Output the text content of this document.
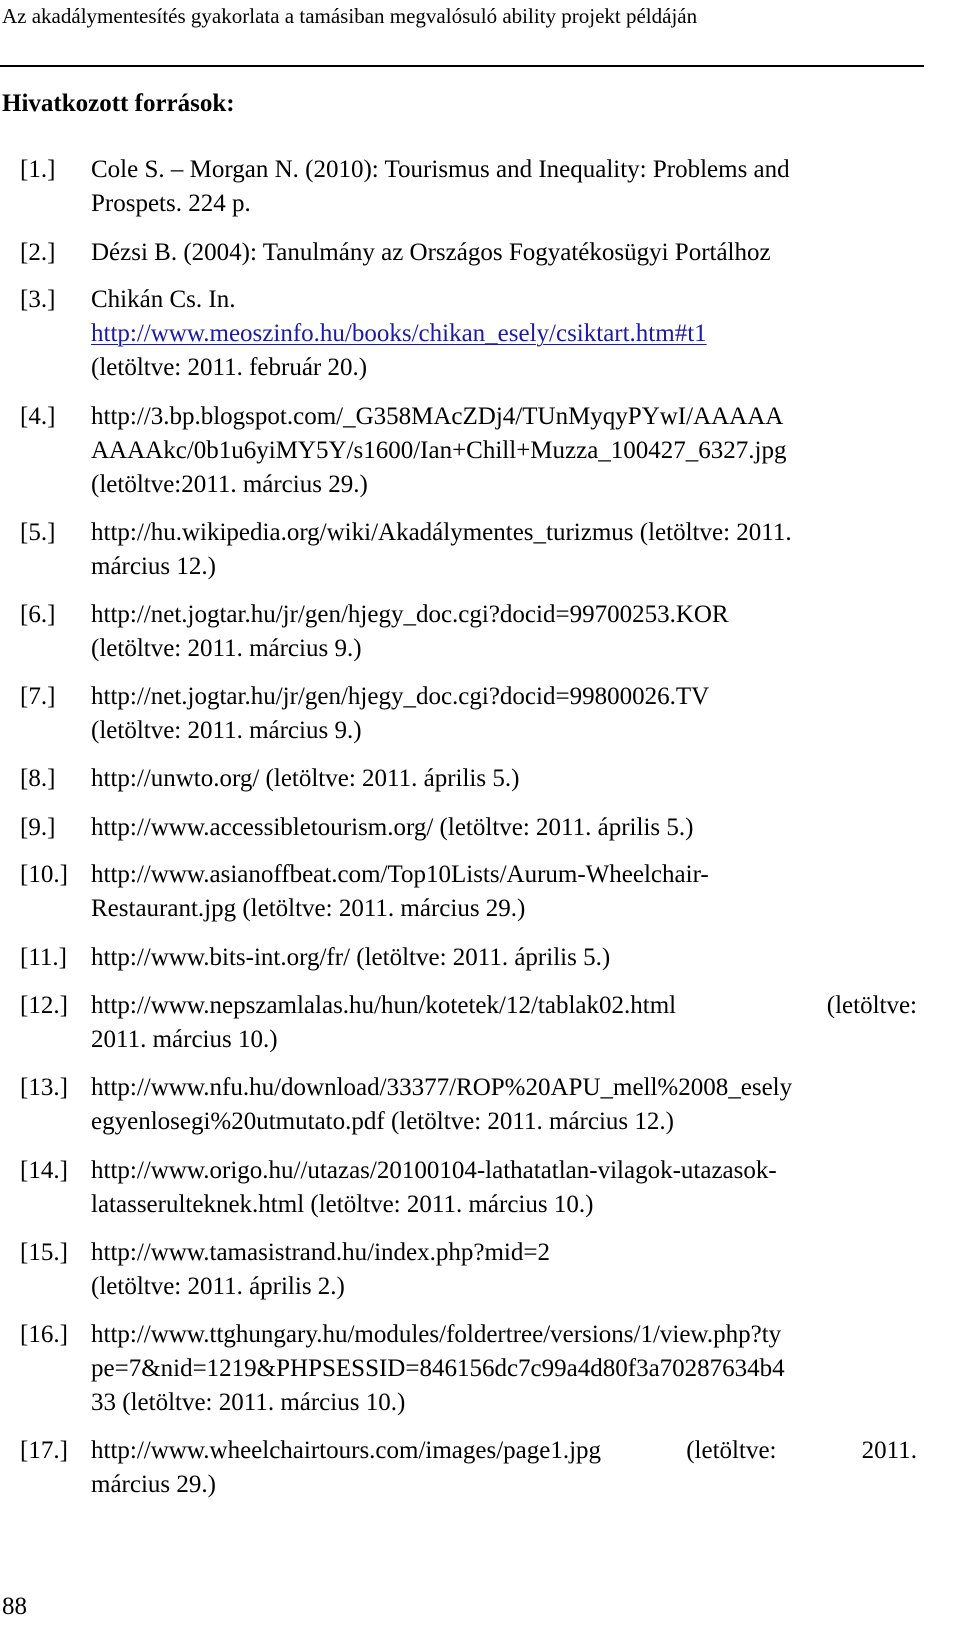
Az akadálymentesítés gyakorlata a tamásiban megvalósuló ability projekt példáján
Hivatkozott források:
[1.] Cole S. – Morgan N. (2010): Tourismus and Inequality: Problems and
Prospets. 224 p.
[2.] Dézsi B. (2004): Tanulmány az Országos Fogyatékosügyi Portálhoz
[3.] Chikán Cs. In.
http://www.meoszinfo.hu/books/chikan_esely/csiktart.htm#t1
(letöltve: 2011. február 20.)
[4.] http://3.bp.blogspot.com/_G358MAcZDj4/TUnMyqyPYwI/AAAAA
AAAAkc/0b1u6yiMY5Y/s1600/Ian+Chill+Muzza_100427_6327.jpg
(letöltve:2011. március 29.)
[5.] http://hu.wikipedia.org/wiki/Akadálymentes_turizmus (letöltve: 2011.
március 12.)
[6.] http://net.jogtar.hu/jr/gen/hjegy_doc.cgi?docid=99700253.KOR
(letöltve: 2011. március 9.)
[7.] http://net.jogtar.hu/jr/gen/hjegy_doc.cgi?docid=99800026.TV
(letöltve: 2011. március 9.)
[8.] http://unwto.org/ (letöltve: 2011. április 5.)
[9.] http://www.accessibletourism.org/ (letöltve: 2011. április 5.)
[10.] http://www.asianoffbeat.com/Top10Lists/Aurum-Wheelchair-
Restaurant.jpg (letöltve: 2011. március 29.)
[11.] http://www.bits-int.org/fr/ (letöltve: 2011. április 5.)
[12.] http://www.nepszamlalas.hu/hun/kotetek/12/tablak02.html	(letöltve:
2011. március 10.)
[13.] http://www.nfu.hu/download/33377/ROP%20APU_mell%2008_esely
egyenlosegi%20utmutato.pdf (letöltve: 2011. március 12.)
[14.] http://www.origo.hu//utazas/20100104-lathatatlan-vilagok-utazasok-
latasserulteknek.html (letöltve: 2011. március 10.)
[15.] http://www.tamasistrand.hu/index.php?mid=2
(letöltve: 2011. április 2.)
[16.] http://www.ttghungary.hu/modules/foldertree/versions/1/view.php?ty
pe=7&nid=1219&PHPSESSID=846156dc7c99a4d80f3a70287634b4
33 (letöltve: 2011. március 10.)
[17.] http://www.wheelchairtours.com/images/page1.jpg	(letöltve:	2011.
március 29.)
88
